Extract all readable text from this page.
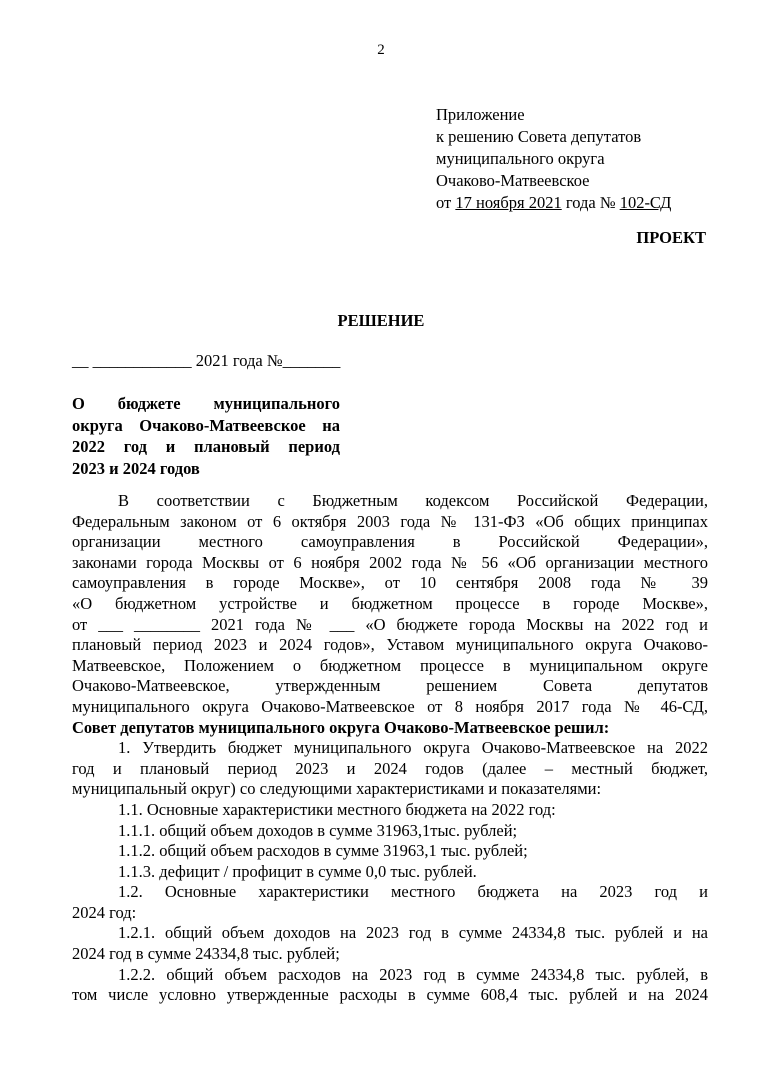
2
Приложение
к решению Совета депутатов
муниципального округа
Очаково-Матвеевское
от 17 ноября 2021 года № 102-СД
ПРОЕКТ
РЕШЕНИЕ
__ ____________ 2021 года №_______
О бюджете муниципального
округа Очаково-Матвеевское на
2022 год и плановый период
2023 и 2024 годов
В соответствии с Бюджетным кодексом Российской Федерации,
Федеральным законом от 6 октября 2003 года № 131-ФЗ «Об общих принципах
организации местного самоуправления в Российской Федерации»,
законами города Москвы от 6 ноября 2002 года № 56 «Об организации местного
самоуправления в городе Москве», от 10 сентября 2008 года № 39
«О бюджетном устройстве и бюджетном процессе в городе Москве»,
от ___ ________ 2021 года № ___ «О бюджете города Москвы на 2022 год и
плановый период 2023 и 2024 годов», Уставом муниципального округа Очаково-
Матвеевское, Положением о бюджетном процессе в муниципальном округе
Очаково-Матвеевское, утвержденным решением Совета депутатов
муниципального округа Очаково-Матвеевское от 8 ноября 2017 года № 46-СД,
Совет депутатов муниципального округа Очаково-Матвеевское решил:
1. Утвердить бюджет муниципального округа Очаково-Матвеевское на 2022
год и плановый период 2023 и 2024 годов (далее – местный бюджет,
муниципальный округ) со следующими характеристиками и показателями:
1.1. Основные характеристики местного бюджета на 2022 год:
1.1.1. общий объем доходов в сумме 31963,1тыс. рублей;
1.1.2. общий объем расходов в сумме 31963,1 тыс. рублей;
1.1.3. дефицит / профицит в сумме 0,0 тыс. рублей.
1.2. Основные характеристики местного бюджета на 2023 год и
2024 год:
1.2.1. общий объем доходов на 2023 год в сумме 24334,8 тыс. рублей и на
2024 год в сумме 24334,8 тыс. рублей;
1.2.2. общий объем расходов на 2023 год в сумме 24334,8 тыс. рублей, в
том числе условно утвержденные расходы в сумме 608,4 тыс. рублей и на 2024
